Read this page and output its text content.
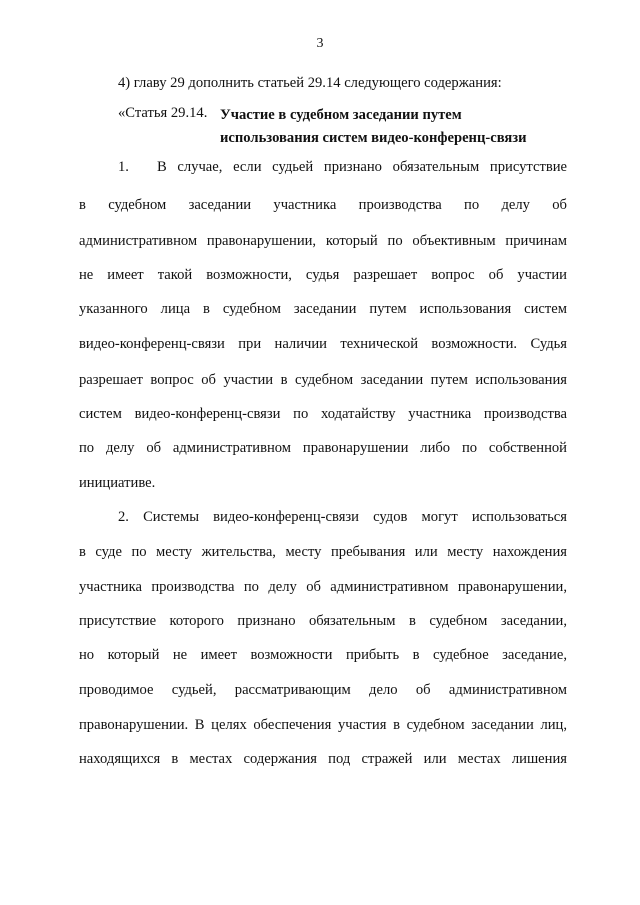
3
4) главу 29 дополнить статьей 29.14 следующего содержания:
«Статья 29.14. Участие в судебном заседании путем
использования систем видео-конференц-связи
1. В случае, если судьей признано обязательным присутствие
в судебном заседании участника производства по делу об
административном правонарушении, который по объективным причинам
не имеет такой возможности, судья разрешает вопрос об участии
указанного лица в судебном заседании путем использования систем
видео-конференц-связи при наличии технической возможности. Судья
разрешает вопрос об участии в судебном заседании путем использования
систем видео-конференц-связи по ходатайству участника производства
по делу об административном правонарушении либо по собственной
инициативе.
2. Системы видео-конференц-связи судов могут использоваться
в суде по месту жительства, месту пребывания или месту нахождения
участника производства по делу об административном правонарушении,
присутствие которого признано обязательным в судебном заседании,
но который не имеет возможности прибыть в судебное заседание,
проводимое судьей, рассматривающим дело об административном
правонарушении. В целях обеспечения участия в судебном заседании лиц,
находящихся в местах содержания под стражей или местах лишения
